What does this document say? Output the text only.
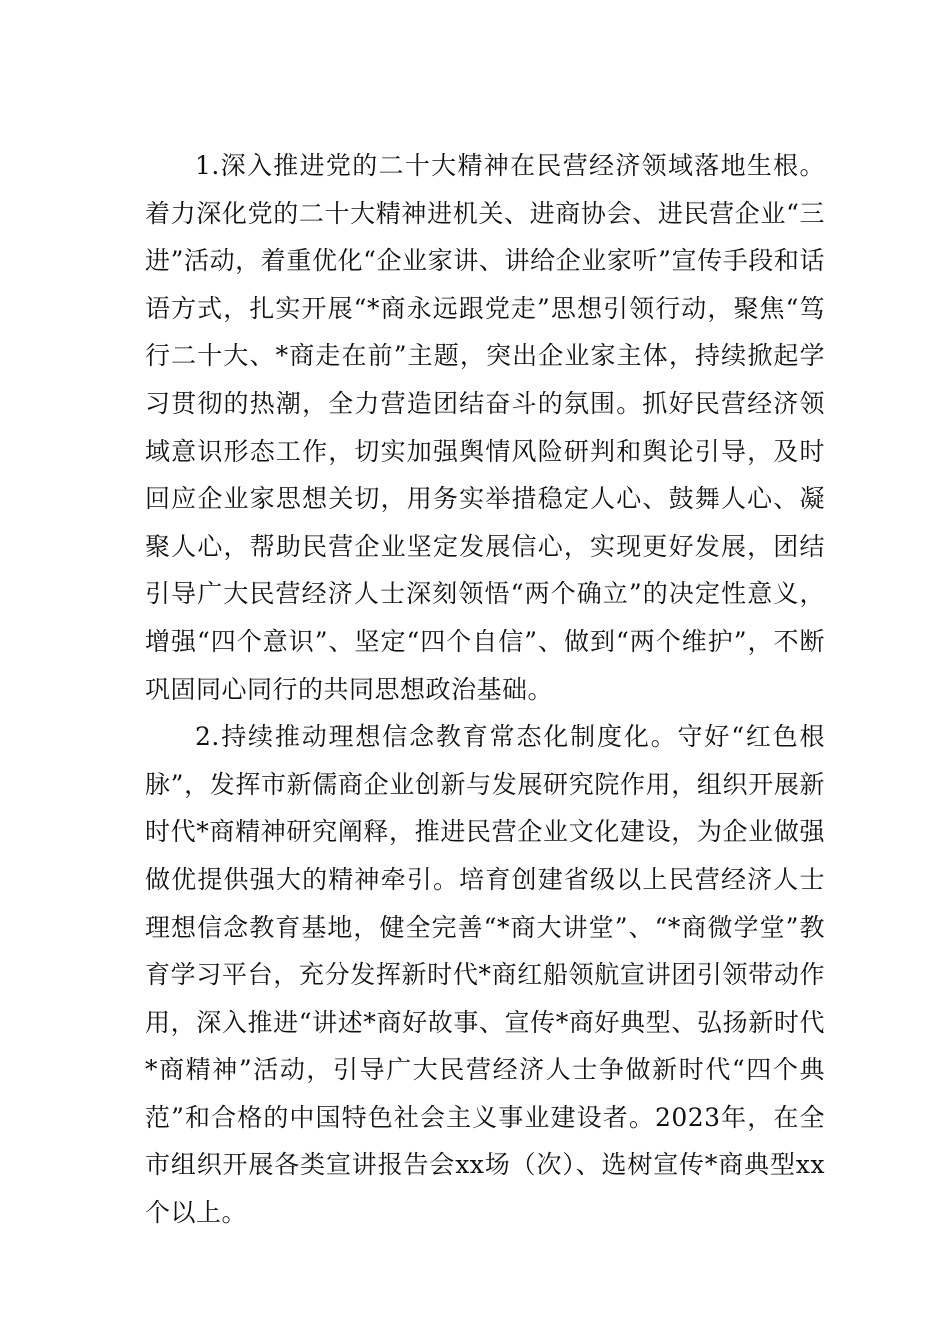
1.深入推进党的二十大精神在民营经济领域落地生根。着力深化党的二十大精神进机关、进商协会、进民营企业“三进”活动，着重优化“企业家讲、讲给企业家听”宣传手段和话语方式，扎实开展“*商永远跟党走”思想引领行动，聚焦“笃行二十大、*商走在前”主题，突出企业家主体，持续掀起学习贯彻的热潮，全力营造团结奋斗的氛围。抓好民营经济领域意识形态工作，切实加强舆情风险研判和舆论引导，及时回应企业家思想关切，用务实举措稳定人心、鼓舞人心、凝聚人心，帮助民营企业坚定发展信心，实现更好发展，团结引导广大民营经济人士深刻领悟“两个确立”的决定性意义，增强“四个意识”、坚定“四个自信”、做到“两个维护”，不断巩固同心同行的共同思想政治基础。

2.持续推动理想信念教育常态化制度化。守好“红色根脉”，发挥市新儒商企业创新与发展研究院作用，组织开展新时代*商精神研究阐释，推进民营企业文化建设，为企业做强做优提供强大的精神牵引。培育创建省级以上民营经济人士理想信念教育基地，健全完善“*商大讲堂”、“*商微学堂”教育学习平台，充分发挥新时代*商红船领航宣讲团引领带动作用，深入推进“讲述*商好故事、宣传*商好典型、弘扬新时代*商精神”活动，引导广大民营经济人士争做新时代“四个典范”和合格的中国特色社会主义事业建设者。2023年，在全市组织开展各类宣讲报告会xx场（次）、选树宣传*商典型xx个以上。
